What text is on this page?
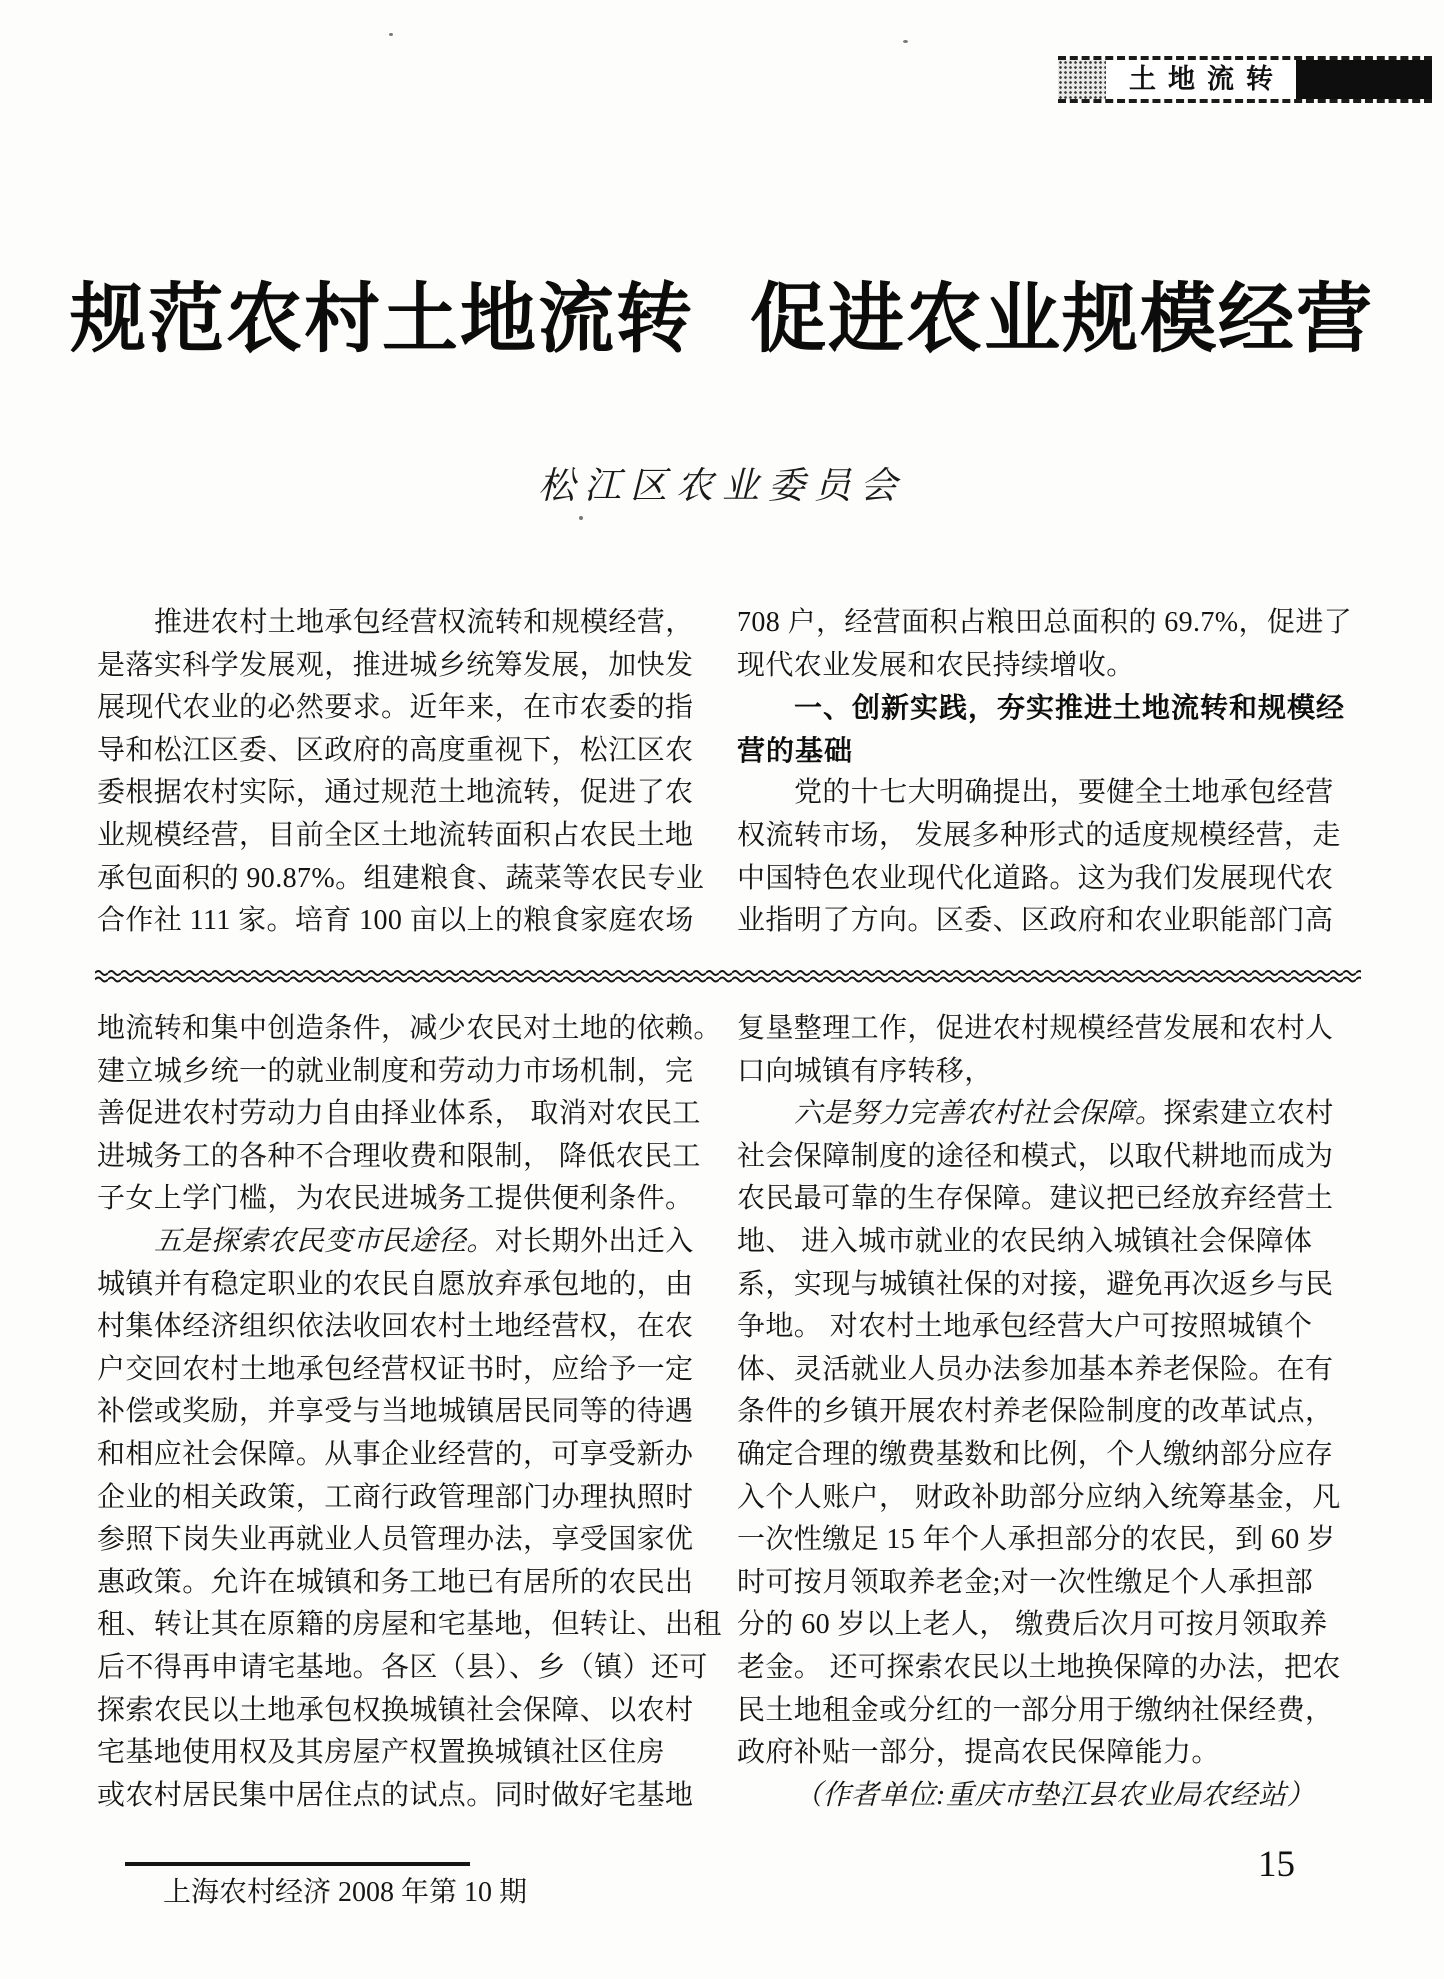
土地流转
规范农村土地流转 促进农业规模经营
松江区农业委员会
推进农村土地承包经营权流转和规模经营，
是落实科学发展观，推进城乡统筹发展，加快发
展现代农业的必然要求。近年来，在市农委的指
导和松江区委、区政府的高度重视下，松江区农
委根据农村实际，通过规范土地流转，促进了农
业规模经营，目前全区土地流转面积占农民土地
承包面积的 90.87%。组建粮食、蔬菜等农民专业
合作社 111 家。培育 100 亩以上的粮食家庭农场
708 户，经营面积占粮田总面积的 69.7%，促进了
现代农业发展和农民持续增收。
一、创新实践，夯实推进土地流转和规模经
营的基础
党的十七大明确提出，要健全土地承包经营
权流转市场， 发展多种形式的适度规模经营，走
中国特色农业现代化道路。这为我们发展现代农
业指明了方向。区委、区政府和农业职能部门高
地流转和集中创造条件，减少农民对土地的依赖。
建立城乡统一的就业制度和劳动力市场机制，完
善促进农村劳动力自由择业体系， 取消对农民工
进城务工的各种不合理收费和限制， 降低农民工
子女上学门槛，为农民进城务工提供便利条件。
五是探索农民变市民途径。对长期外出迁入
城镇并有稳定职业的农民自愿放弃承包地的，由
村集体经济组织依法收回农村土地经营权，在农
户交回农村土地承包经营权证书时，应给予一定
补偿或奖励，并享受与当地城镇居民同等的待遇
和相应社会保障。从事企业经营的，可享受新办
企业的相关政策，工商行政管理部门办理执照时
参照下岗失业再就业人员管理办法，享受国家优
惠政策。允许在城镇和务工地已有居所的农民出
租、转让其在原籍的房屋和宅基地，但转让、出租
后不得再申请宅基地。各区（县）、乡（镇）还可
探索农民以土地承包权换城镇社会保障、以农村
宅基地使用权及其房屋产权置换城镇社区住房
或农村居民集中居住点的试点。同时做好宅基地
复垦整理工作，促进农村规模经营发展和农村人
口向城镇有序转移，
六是努力完善农村社会保障。探索建立农村
社会保障制度的途径和模式，以取代耕地而成为
农民最可靠的生存保障。建议把已经放弃经营土
地、 进入城市就业的农民纳入城镇社会保障体
系，实现与城镇社保的对接，避免再次返乡与民
争地。 对农村土地承包经营大户可按照城镇个
体、灵活就业人员办法参加基本养老保险。在有
条件的乡镇开展农村养老保险制度的改革试点，
确定合理的缴费基数和比例，个人缴纳部分应存
入个人账户， 财政补助部分应纳入统筹基金，凡
一次性缴足 15 年个人承担部分的农民，到 60 岁
时可按月领取养老金;对一次性缴足个人承担部
分的 60 岁以上老人， 缴费后次月可按月领取养
老金。 还可探索农民以土地换保障的办法，把农
民土地租金或分红的一部分用于缴纳社保经费，
政府补贴一部分，提高农民保障能力。
（作者单位:重庆市垫江县农业局农经站）
上海农村经济 2008 年第 10 期
15
